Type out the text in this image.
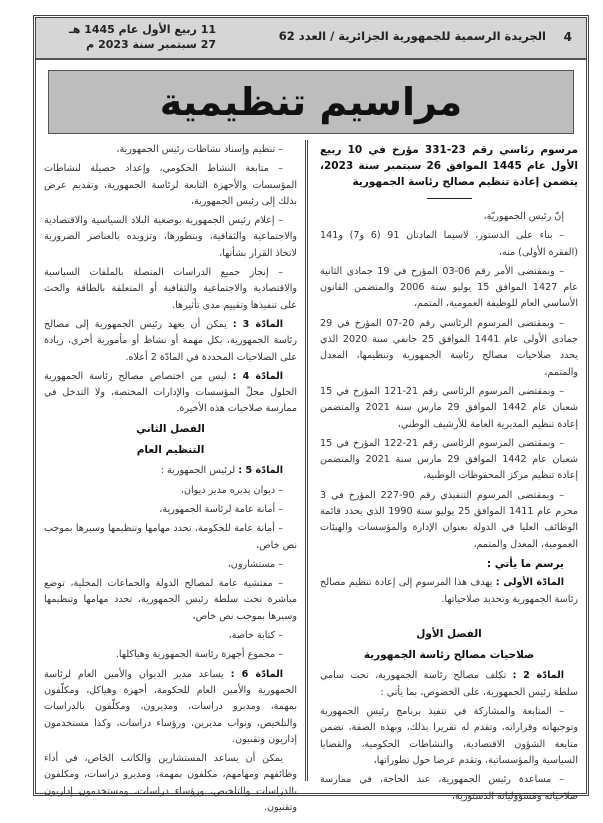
4
الجريدة الرسمية للجمهورية الجزائرية / العدد 62
11 ربيع الأول عام 1445 هـ
27 سبتمبر سنة 2023 م
مراسيم تنظيمية

مرسوم رئاسي رقم 23-331 مؤرخ في 10 ربيع الأول عام 1445 الموافق 26 سبتمبر سنة 2023، يتضمن إعادة تنظيم مصالح رئاسة الجمهورية

إنّ رئيس الجمهوريّة،

– بناء على الدستور، لاسيما المادتان 91 (6 و7) و141 (الفقرة الأولى) منه،

– وبمقتضى الأمر رقم 06-03 المؤرخ في 19 جمادى الثانية عام 1427 الموافق 15 يوليو سنة 2006 والمتضمن القانون الأساسي العام للوظيفة العمومية، المتمم،

– وبمقتضى المرسوم الرئاسي رقم 20-07 المؤرخ في 29 جمادى الأولى عام 1441 الموافق 25 جانفي سنة 2020 الذي يحدد صلاحيات مصالح رئاسة الجمهورية وتنظيمها، المعدل والمتمم،

– وبمقتضى المرسوم الرئاسي رقم 21-121 المؤرخ في 15 شعبان عام 1442 الموافق 29 مارس سنة 2021 والمتضمن إعادة تنظيم المديرية العامة للأرشيف الوطني،

– وبمقتضى المرسوم الرئاسي رقم 21-122 المؤرخ في 15 شعبان عام 1442 الموافق 29 مارس سنة 2021 والمتضمن إعادة تنظيم مركز المحفوظات الوطنية،

– وبمقتضى المرسوم التنفيذي رقم 90-227 المؤرخ في 3 محرم عام 1411 الموافق 25 يوليو سنة 1990 الذي يحدد قائمة الوظائف العليا في الدولة بعنوان الإدارة والمؤسسات والهيئات العمومية، المعدل والمتمم،

يرسم ما يأتي :

المادّة الأولى : يهدف هذا المرسوم إلى إعادة تنظيم مصالح رئاسة الجمهورية وتحديد صلاحياتها.

الفصل الأول

صلاحيات مصالح رئاسة الجمهورية

المادّة 2 : تكلف مصالح رئاسة الجمهورية، تحت سامي سلطة رئيس الجمهورية، على الخصوص، بما يأتي :

– المتابعة والمشاركة في تنفيذ برنامج رئيس الجمهورية وتوجيهاته وقراراته، وتقدم له تقريرا بذلك، وبهذه الصفة، تضمن متابعة الشؤون الاقتصادية، والنشاطات الحكومية، والقضايا السياسية والمؤسساتية، وتقدم عرضا حول تطوراتها،

– مساعدة رئيس الجمهورية، عند الحاجة، في ممارسة صلاحياته ومسؤولياته الدستورية،

– تنظيم وإسناد نشاطات رئيس الجمهورية،

– متابعة النشاط الحكومي، وإعداد حصيلة لنشاطات المؤسسات والأجهزة التابعة لرئاسة الجمهورية، وتقديم عرض بذلك إلى رئيس الجمهورية،

– إعلام رئيس الجمهورية بوضعية البلاد السياسية والاقتصادية والاجتماعية والثقافية، وبتطورها، وتزويده بالعناصر الضرورية لاتخاذ القرار بشأنها،

– إنجاز جميع الدراسات المتصلة بالملفات السياسية والاقتصادية والاجتماعية والثقافية أو المتعلقة بالطاقة والحث على تنفيذها وتقييم مدى تأثيرها.

المادّة 3 : يمكن أن يعهد رئيس الجمهورية إلى مصالح رئاسة الجمهورية، بكل مهمة أو نشاط أو مأمورية أخرى، زيادة على الصلاحيات المحددة في المادّة 2 أعلاه.

المادّة 4 : ليس من اختصاص مصالح رئاسة الجمهورية الحلول محلّ المؤسسات والإدارات المختصة، ولا التدخل في ممارسة صلاحيات هذه الأخيرة.

الفصل الثاني

التنظيم العام

المادّة 5 : لرئيس الجمهورية :

– ديوان يديره مدير ديوان،

– أمانة عامة لرئاسة الجمهورية،

– أمانة عامة للحكومة، تحدد مهامها وتنظيمها وسيرها بموجب نص خاص،

– مستشارون،

– مفتشية عامة لمصالح الدولة والجماعات المحلية، توضع مباشرة تحت سلطة رئيس الجمهورية، تحدد مهامها وتنظيمها وسيرها بموجب نص خاص،

– كتابة خاصة،

– مجموع أجهزة رئاسة الجمهورية وهياكلها.

المادّة 6 : يساعد مدير الديوان والأمين العام لرئاسة الجمهورية والأمين العام للحكومة، أجهزة وهياكل، ومكلّفون بمهمة، ومديرو دراسات، ومديرون، ومكلّفون بالدراسات والتلخيص، ونواب مديرين، ورؤساء دراسات، وكذا مستخدمون إداريون وتقنيون.

يمكن أن يساعد المستشارين والكاتب الخاص، في أداء وظائفهم ومهامهم، مكلفون بمهمة، ومديرو دراسات، ومكلفون بالدراسات والتلخيص، ورؤساء دراسات، ومستخدمون إداريون وتقنيون.
